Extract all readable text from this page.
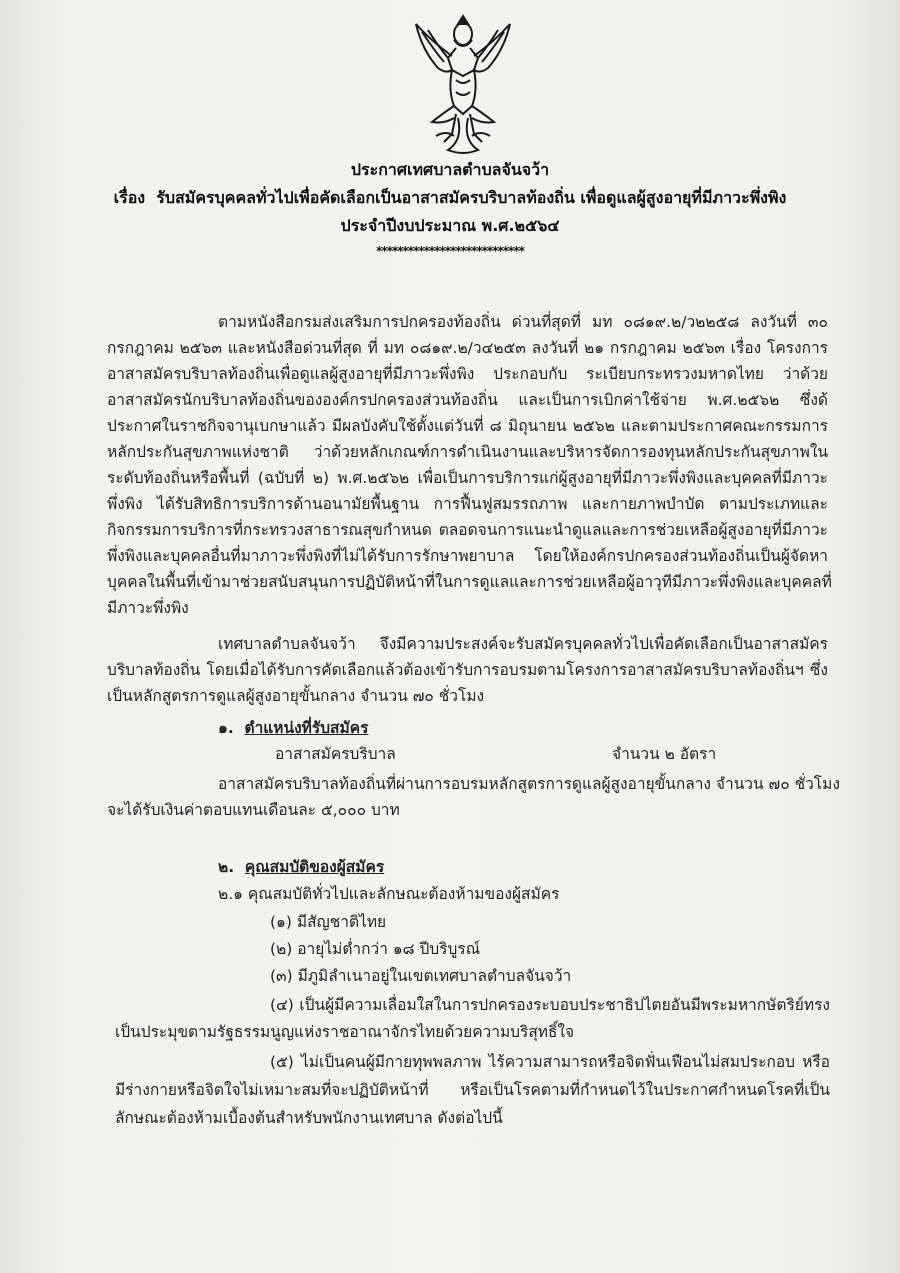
ประกาศเทศบาลตำบลจันจว้า
เรื่อง รับสมัครบุคคลทั่วไปเพื่อคัดเลือกเป็นอาสาสมัครบริบาลท้องถิ่น เพื่อดูแลผู้สูงอายุที่มีภาวะพึ่งพิง
ประจำปีงบประมาณ พ.ศ.๒๕๖๔
****************************
ตามหนังสือกรมส่งเสริมการปกครองท้องถิ่น ด่วนที่สุดที่ มท ๐๘๑๙.๒/ว๒๒๕๘ ลงวันที่ ๓๐
กรกฎาคม ๒๕๖๓ และหนังสือด่วนที่สุด ที่ มท ๐๘๑๙.๒/ว๔๒๕๓ ลงวันที่ ๒๑ กรกฎาคม ๒๕๖๓ เรื่อง โครงการ
อาสาสมัครบริบาลท้องถิ่นเพื่อดูแลผู้สูงอายุที่มีภาวะพึ่งพิง ประกอบกับ ระเบียบกระทรวงมหาดไทย ว่าด้วย
อาสาสมัครนักบริบาลท้องถิ่นขององค์กรปกครองส่วนท้องถิ่น และเป็นการเบิกค่าใช้จ่าย พ.ศ.๒๕๖๒ ซึ่งด้
ประกาศในราชกิจจานุเบกษาแล้ว มีผลบังคับใช้ตั้งแต่วันที่ ๘ มิถุนายน ๒๕๖๒ และตามประกาศคณะกรรมการ
หลักประกันสุขภาพแห่งชาติ ว่าด้วยหลักเกณฑ์การดำเนินงานและบริหารจัดการองทุนหลักประกันสุขภาพใน
ระดับท้องถิ่นหรือพื้นที่ (ฉบับที่ ๒) พ.ศ.๒๕๖๒ เพื่อเป็นการบริการแก่ผู้สูงอายุที่มีภาวะพึ่งพิงและบุคคลที่มีภาวะ
พึ่งพิง ได้รับสิทธิการบริการด้านอนามัยพื้นฐาน การฟื้นฟูสมรรถภาพ และกายภาพบำบัด ตามประเภทและ
กิจกรรมการบริการที่กระทรวงสาธารณสุขกำหนด ตลอดจนการแนะนำดูแลและการช่วยเหลือผู้สูงอายุที่มีภาวะ
พึ่งพิงและบุคคลอื่นที่มาภาวะพึ่งพิงที่ไม่ได้รับการรักษาพยาบาล โดยให้องค์กรปกครองส่วนท้องถิ่นเป็นผู้จัดหา
บุคคลในพื้นที่เข้ามาช่วยสนับสนุนการปฏิบัติหน้าที่ในการดูแลและการช่วยเหลือผู้อาวุทีมีภาวะพึ่งพิงและบุคคลที่
มีภาวะพึ่งพิง
เทศบาลตำบลจันจว้า จึงมีความประสงค์จะรับสมัครบุคคลทั่วไปเพื่อคัดเลือกเป็นอาสาสมัคร
บริบาลท้องถิ่น โดยเมื่อได้รับการคัดเลือกแล้วต้องเข้ารับการอบรมตามโครงการอาสาสมัครบริบาลท้องถิ่นฯ ซึ่ง
เป็นหลักสูตรการดูแลผู้สูงอายุขั้นกลาง จำนวน ๗๐ ชั่วโมง
๑. ตำแหน่งที่รับสมัคร
อาสาสมัครบริบาล	จำนวน ๒ อัตรา
อาสาสมัครบริบาลท้องถิ่นที่ผ่านการอบรมหลักสูตรการดูแลผู้สูงอายุขั้นกลาง จำนวน ๗๐ ชั่วโมง
จะได้รับเงินค่าตอบแทนเดือนละ ๕,๐๐๐ บาท
๒. คุณสมบัติของผู้สมัคร
๒.๑ คุณสมบัติทั่วไปและลักษณะต้องห้ามของผู้สมัคร
(๑) มีสัญชาติไทย
(๒) อายุไม่ต่ำกว่า ๑๘ ปีบริบูรณ์
(๓) มีภูมิลำเนาอยู่ในเขตเทศบาลตำบลจันจว้า
(๔) เป็นผู้มีความเลื่อมใสในการปกครองระบอบประชาธิปไตยอันมีพระมหากษัตริย์ทรง
เป็นประมุขตามรัฐธรรมนูญแห่งราชอาณาจักรไทยด้วยความบริสุทธิ์ใจ
(๕) ไม่เป็นคนผู้มีกายทุพพลภาพ ไร้ความสามารถหรือจิตฟั่นเฟือนไม่สมประกอบ หรือ
มีร่างกายหรือจิตใจไม่เหมาะสมที่จะปฏิบัติหน้าที่ หรือเป็นโรคตามที่กำหนดไว้ในประกาศกำหนดโรคที่เป็น
ลักษณะต้องห้ามเบื้องต้นสำหรับพนักงานเทศบาล ดังต่อไปนี้
